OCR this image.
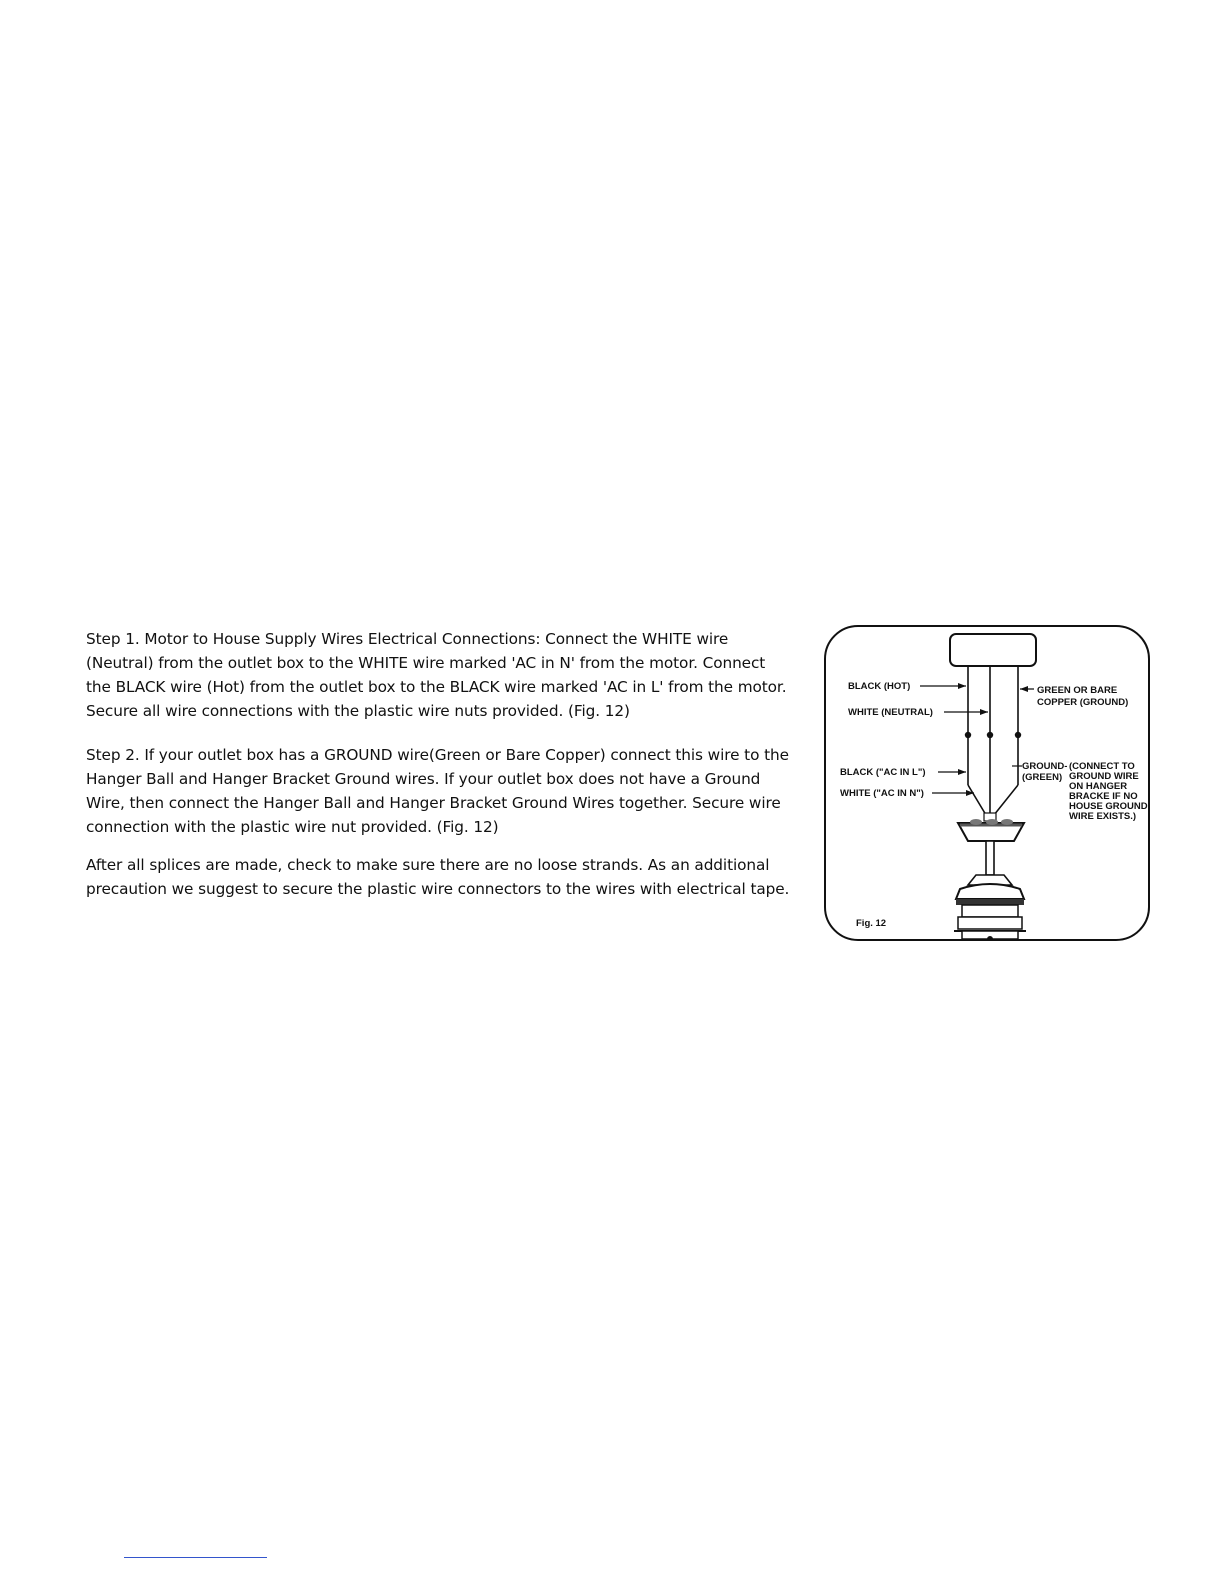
Step 1. Motor to House Supply Wires Electrical Connections: Connect the WHITE wire (Neutral) from the outlet box to the WHITE wire marked 'AC in N' from the motor. Connect the BLACK wire (Hot) from the outlet box to the BLACK wire marked 'AC in L' from the motor. Secure all wire connections with the plastic wire nuts provided. (Fig. 12)

Step 2. If your outlet box has a GROUND wire(Green or Bare Copper) connect this wire to the Hanger Ball and Hanger Bracket Ground wires. If your outlet box does not have a Ground Wire, then connect the Hanger Ball and Hanger Bracket Ground Wires together. Secure wire connection with the plastic wire nut provided. (Fig. 12)

After all splices are made, check to make sure there are no loose strands. As an additional precaution we suggest to secure the plastic wire connectors to the wires with electrical tape.

BLACK (HOT)
WHITE (NEUTRAL)
GREEN OR BARE
COPPER (GROUND)
BLACK ("AC IN L")
WHITE ("AC IN N")
GROUND-
(GREEN)
(CONNECT TO
GROUND WIRE
ON HANGER
BRACKE IF NO
HOUSE GROUND
WIRE EXISTS.)
Fig. 12
